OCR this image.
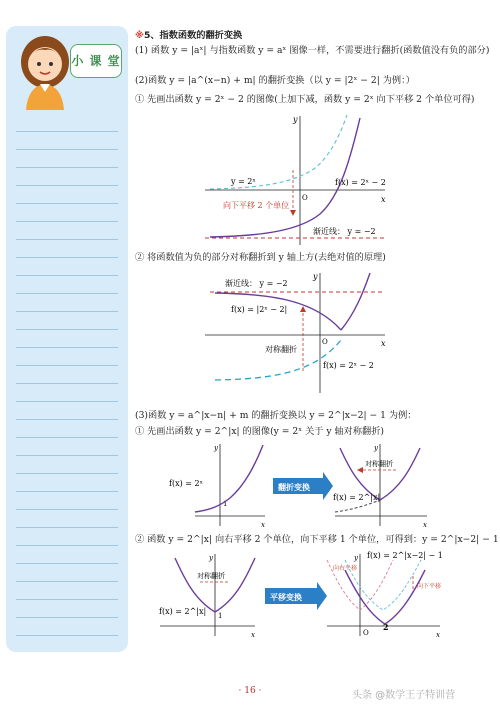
小 课 堂
※5、指数函数的翻折变换
(1) 函数 y = |aˣ| 与指数函数 y = aˣ 图像一样，不需要进行翻折(函数值没有负的部分)
(2)函数 y = |a^(x−n) + m| 的翻折变换（以 y = |2ˣ − 2| 为例：）
① 先画出函数 y = 2ˣ − 2 的图像(上加下减，函数 y = 2ˣ 向下平移 2 个单位可得)
② 将函数值为负的部分对称翻折到 y 轴上方(去绝对值的原理)
(3)函数 y = a^|x−n| + m 的翻折变换以 y = 2^|x−2| − 1 为例：
① 先画出函数 y = 2^|x| 的图像(y = 2ˣ 关于 y 轴对称翻折)
② 函数 y = 2^|x| 向右平移 2 个单位，向下平移 1 个单位，可得到：y = 2^|x−2| − 1
x
y
O
y = 2ˣ	f(x) = 2ˣ − 2
向下平移 2 个单位
渐近线： y = −2
x
y
O
渐近线： y = −2
f(x) = |2ˣ − 2|
对称翻折
f(x) = 2ˣ − 2
x
y
1
f(x) = 2ˣ	翻折变换
x
y
对称翻折
f(x) = 2^|x|
x
y
1
对称翻折
f(x) = 2^|x|
平移变换
x
y
O
2
向右平移
向下平移
f(x) = 2^|x−2| − 1
· 16 ·	头条 @数学王子特训营
